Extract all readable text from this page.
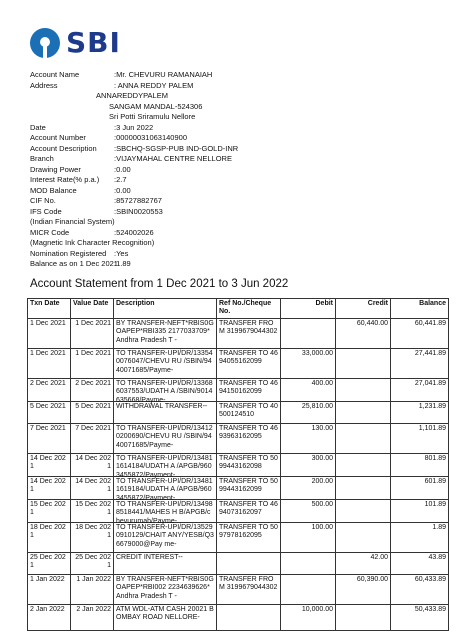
SBI
Account Name	:Mr. CHEVURU RAMANAIAH
Address	: ANNA REDDY PALEM
ANNAREDDYPALEM
SANGAM MANDAL-524306
Sri Potti Sriramulu Nellore
Date	:3 Jun 2022
Account Number	:00000031063140900
Account Description :SBCHQ-SGSP-PUB IND-GOLD-INR
Branch	:VIJAYMAHAL CENTRE NELLORE
Drawing Power	:0.00
Interest Rate(% p.a.) :2.7
MOD Balance	:0.00
CIF No.	:85727882767
IFS Code	:SBIN0020553
(Indian Financial System)
MICR Code	:524002026
(Magnetic Ink Character Recognition)
Nomination Registered :Yes
Balance as on 1 Dec 2021
:1.89
Account Statement from 1 Dec 2021 to 3 Jun 2022
Txn Date	Value Date	Description	Ref No./Cheque No.	Debit	Credit	Balance

1 Dec 2021	1 Dec 2021	BY TRANSFER-NEFT*RBIS0GOAPEP*RBI335 2177033709*Andhra Pradesh T -	TRANSFER FROM 3199679044302		60,440.00	60,441.89

1 Dec 2021	1 Dec 2021	TO TRANSFER-UPI/DR/133540076047/CHEVU RU /SBIN/9440071685/Payme-	TRANSFER TO 4694055162099	33,000.00		27,441.89

2 Dec 2021	2 Dec 2021	TO TRANSFER-UPI/DR/133686037553/UDATH A /SBIN/9014635668/Payme-	TRANSFER TO 4694150162099	400.00		27,041.89

5 Dec 2021	5 Dec 2021	WITHDRAWAL TRANSFER--	TRANSFER TO 40500124510	25,810.00		1,231.89

7 Dec 2021	7 Dec 2021	TO TRANSFER-UPI/DR/134120200690/CHEVU RU /SBIN/9440071685/Payme-	TRANSFER TO 4693963162095	130.00		1,101.89

14 Dec 2021	14 Dec 2021	TO TRANSFER-UPI/DR/134811614184/UDATH A /APGB/9603455872/Payment-	TRANSFER TO 5099443162098	300.00		801.89

14 Dec 2021	14 Dec 2021	TO TRANSFER-UPI/DR/134811619184/UDATH A /APGB/9603455872/Payment-	TRANSFER TO 5099443162099	200.00		601.89

15 Dec 2021	15 Dec 2021	TO TRANSFER-UPI/DR/134988518441/MAHES H B/APGB/chevurumah/Payme-	TRANSFER TO 4694073162097	500.00		101.89

18 Dec 2021	18 Dec 2021	TO TRANSFER-UPI/DR/135290910129/CHAIT ANY/YESB/Q36679000@Pay me-	TRANSFER TO 5097978162095	100.00		1.89

25 Dec 2021	25 Dec 2021	CREDIT INTEREST--			42.00	43.89

1 Jan 2022	1 Jan 2022	BY TRANSFER-NEFT*RBIS0GOAPEP*RBI002 2234639626*Andhra Pradesh T -	TRANSFER FROM 3199679044302		60,390.00	60,433.89

2 Jan 2022	2 Jan 2022	ATM WDL-ATM CASH 20021 BOMBAY ROAD NELLORE-		10,000.00		50,433.89
